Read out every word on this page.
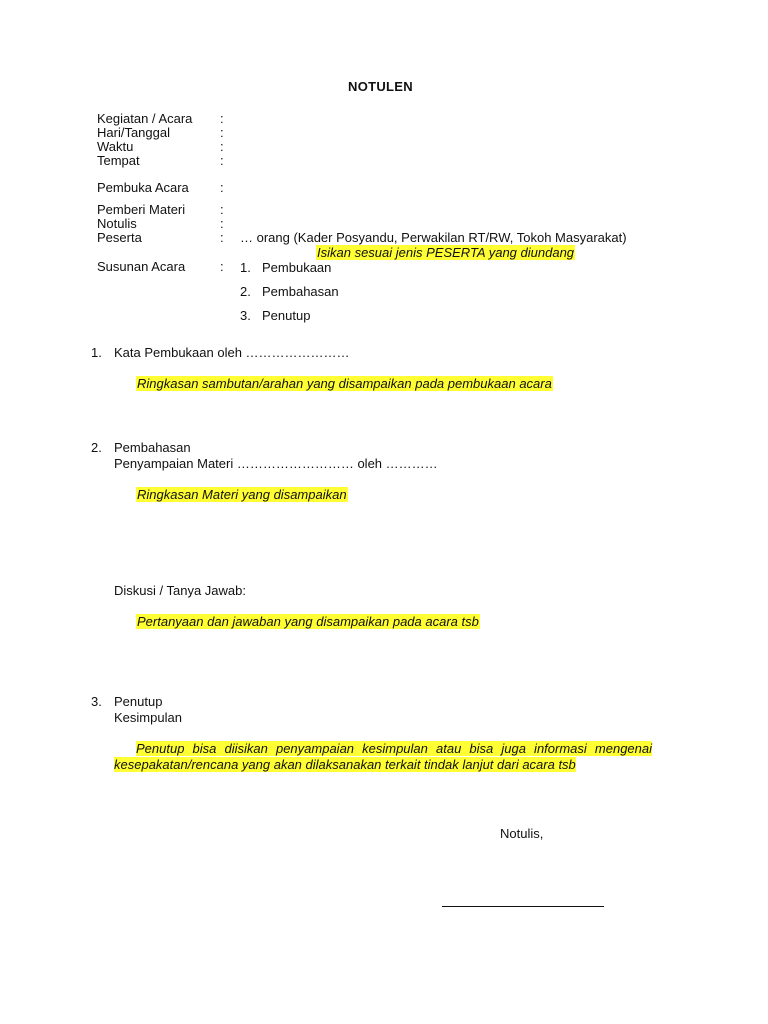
NOTULEN
Kegiatan / Acara :
Hari/Tanggal	:
Waktu	:
Tempat	:
Pembuka Acara :
Pemberi Materi	:
Notulis	:
Peserta	:	… orang (Kader Posyandu, Perwakilan RT/RW, Tokoh Masyarakat)
Isikan sesuai jenis PESERTA yang diundang
Susunan Acara	:	1. Pembukaan
2. Pembahasan
3. Penutup
1. Kata Pembukaan oleh ……………………
Ringkasan sambutan/arahan yang disampaikan pada pembukaan acara
2. Pembahasan
Penyampaian Materi ……………………… oleh …………
Ringkasan Materi yang disampaikan
Diskusi / Tanya Jawab:
Pertanyaan dan jawaban yang disampaikan pada acara tsb
3. Penutup
Kesimpulan
Penutup bisa diisikan penyampaian kesimpulan atau bisa juga informasi mengenai
kesepakatan/rencana yang akan dilaksanakan terkait tindak lanjut dari acara tsb
Notulis,
